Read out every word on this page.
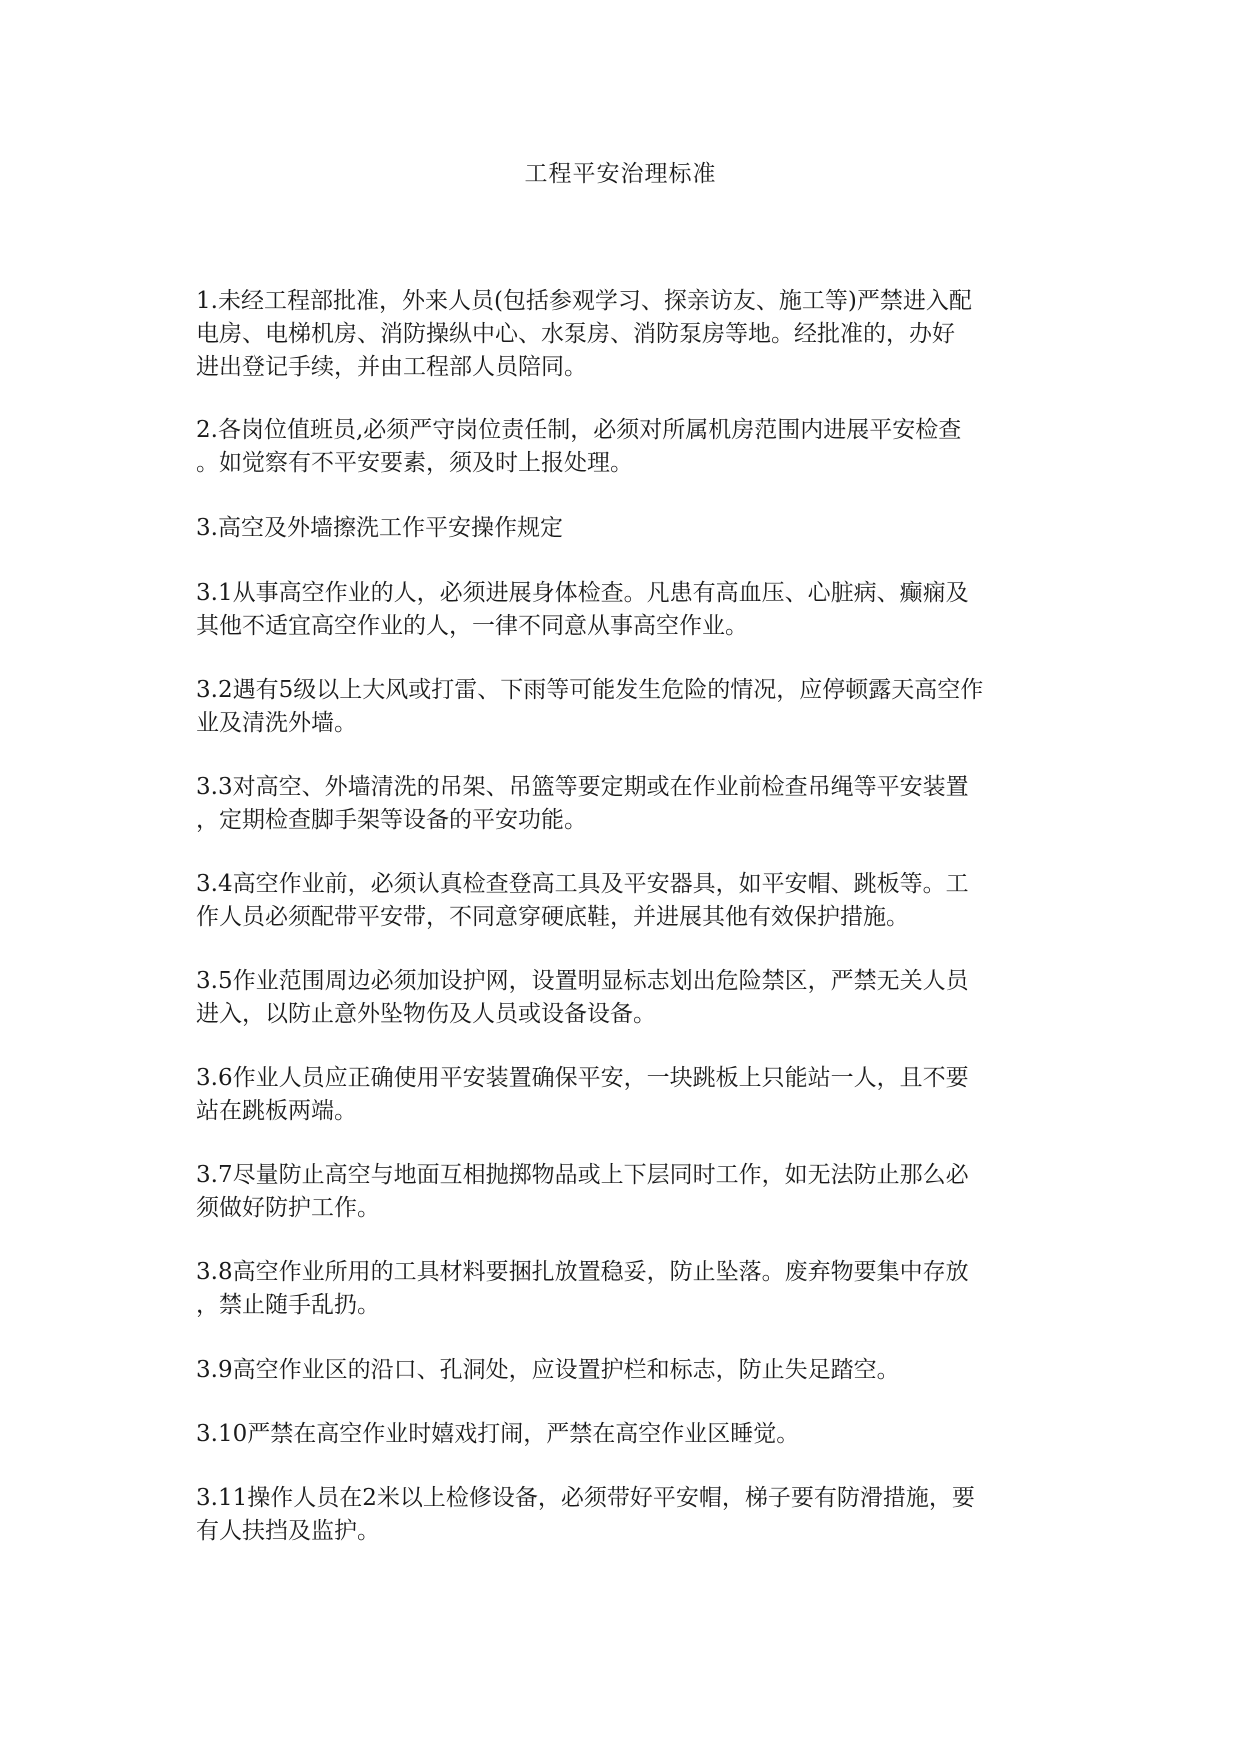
工程平安治理标准

1.未经工程部批准，外来人员(包括参观学习、探亲访友、施工等)严禁进入配
电房、电梯机房、消防操纵中心、水泵房、消防泵房等地。经批准的，办好
进出登记手续，并由工程部人员陪同。

2.各岗位值班员,必须严守岗位责任制，必须对所属机房范围内进展平安检查
。如觉察有不平安要素，须及时上报处理。

3.高空及外墙擦洗工作平安操作规定

3.1从事高空作业的人，必须进展身体检查。凡患有高血压、心脏病、癫痫及
其他不适宜高空作业的人，一律不同意从事高空作业。

3.2遇有5级以上大风或打雷、下雨等可能发生危险的情况，应停顿露天高空作
业及清洗外墙。

3.3对高空、外墙清洗的吊架、吊篮等要定期或在作业前检查吊绳等平安装置
，定期检查脚手架等设备的平安功能。

3.4高空作业前，必须认真检查登高工具及平安器具，如平安帽、跳板等。工
作人员必须配带平安带，不同意穿硬底鞋，并进展其他有效保护措施。

3.5作业范围周边必须加设护网，设置明显标志划出危险禁区，严禁无关人员
进入，以防止意外坠物伤及人员或设备设备。

3.6作业人员应正确使用平安装置确保平安，一块跳板上只能站一人，且不要
站在跳板两端。

3.7尽量防止高空与地面互相抛掷物品或上下层同时工作，如无法防止那么必
须做好防护工作。

3.8高空作业所用的工具材料要捆扎放置稳妥，防止坠落。废弃物要集中存放
，禁止随手乱扔。

3.9高空作业区的沿口、孔洞处，应设置护栏和标志，防止失足踏空。

3.10严禁在高空作业时嬉戏打闹，严禁在高空作业区睡觉。

3.11操作人员在2米以上检修设备，必须带好平安帽，梯子要有防滑措施，要
有人扶挡及监护。
